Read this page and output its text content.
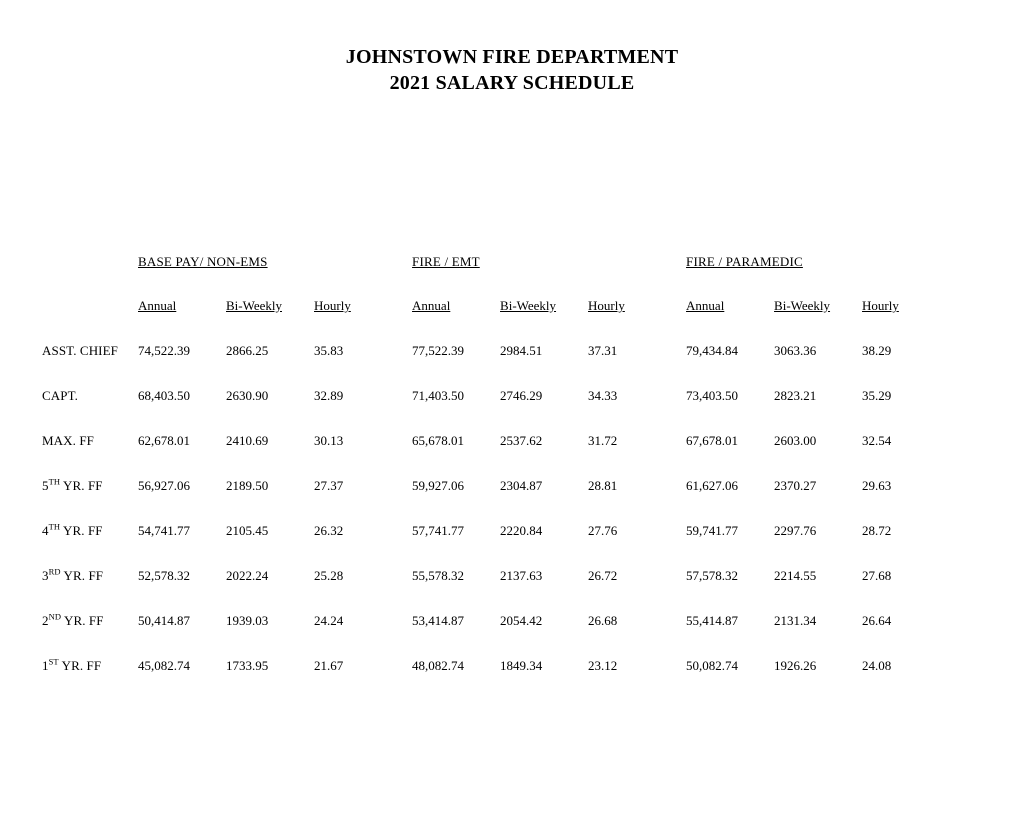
JOHNSTOWN FIRE DEPARTMENT
2021 SALARY SCHEDULE
	BASE PAY/ NON-EMS				FIRE / EMT				FIRE / PARAMEDIC		
	Annual	Bi-Weekly	Hourly		Annual	Bi-Weekly	Hourly		Annual	Bi-Weekly	Hourly
ASST. CHIEF	74,522.39	2866.25	35.83		77,522.39	2984.51	37.31		79,434.84	3063.36	38.29
CAPT.	68,403.50	2630.90	32.89		71,403.50	2746.29	34.33		73,403.50	2823.21	35.29
MAX. FF	62,678.01	2410.69	30.13		65,678.01	2537.62	31.72		67,678.01	2603.00	32.54
5TH YR. FF	56,927.06	2189.50	27.37		59,927.06	2304.87	28.81		61,627.06	2370.27	29.63
4TH YR. FF	54,741.77	2105.45	26.32		57,741.77	2220.84	27.76		59,741.77	2297.76	28.72
3RD YR. FF	52,578.32	2022.24	25.28		55,578.32	2137.63	26.72		57,578.32	2214.55	27.68
2ND YR. FF	50,414.87	1939.03	24.24		53,414.87	2054.42	26.68		55,414.87	2131.34	26.64
1ST YR. FF	45,082.74	1733.95	21.67		48,082.74	1849.34	23.12		50,082.74	1926.26	24.08
